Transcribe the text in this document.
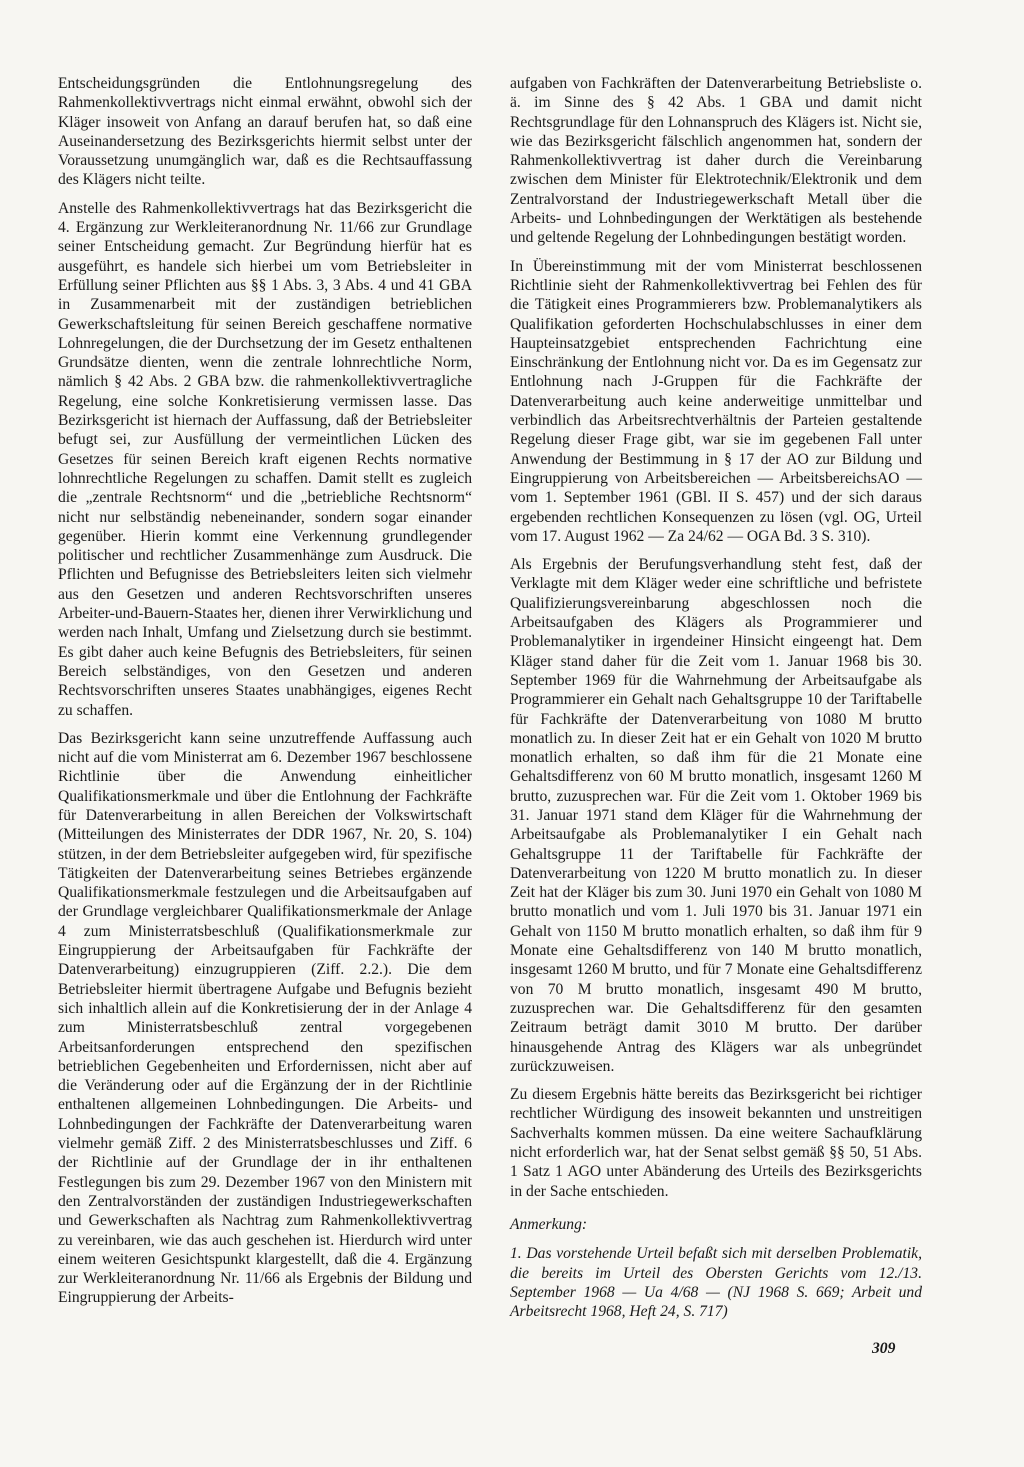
Entscheidungsgründen die Entlohnungsregelung des Rahmenkollektivvertrags nicht einmal erwähnt, obwohl sich der Kläger insoweit von Anfang an darauf berufen hat, so daß eine Auseinandersetzung des Bezirksgerichts hiermit selbst unter der Voraussetzung unumgänglich war, daß es die Rechtsauffassung des Klägers nicht teilte.

Anstelle des Rahmenkollektivvertrags hat das Bezirksgericht die 4. Ergänzung zur Werkleiteranordnung Nr. 11/66 zur Grundlage seiner Entscheidung gemacht. Zur Begründung hierfür hat es ausgeführt, es handele sich hierbei um vom Betriebsleiter in Erfüllung seiner Pflichten aus §§ 1 Abs. 3, 3 Abs. 4 und 41 GBA in Zusammenarbeit mit der zuständigen betrieblichen Gewerkschaftsleitung für seinen Bereich geschaffene normative Lohnregelungen, die der Durchsetzung der im Gesetz enthaltenen Grundsätze dienten, wenn die zentrale lohnrechtliche Norm, nämlich § 42 Abs. 2 GBA bzw. die rahmenkollektivvertragliche Regelung, eine solche Konkretisierung vermissen lasse. Das Bezirksgericht ist hiernach der Auffassung, daß der Betriebsleiter befugt sei, zur Ausfüllung der vermeintlichen Lücken des Gesetzes für seinen Bereich kraft eigenen Rechts normative lohnrechtliche Regelungen zu schaffen. Damit stellt es zugleich die „zentrale Rechtsnorm“ und die „betriebliche Rechtsnorm“ nicht nur selbständig nebeneinander, sondern sogar einander gegenüber. Hierin kommt eine Verkennung grundlegender politischer und rechtlicher Zusammenhänge zum Ausdruck. Die Pflichten und Befugnisse des Betriebsleiters leiten sich vielmehr aus den Gesetzen und anderen Rechtsvorschriften unseres Arbeiter-und-Bauern-Staates her, dienen ihrer Verwirklichung und werden nach Inhalt, Umfang und Zielsetzung durch sie bestimmt. Es gibt daher auch keine Befugnis des Betriebsleiters, für seinen Bereich selbständiges, von den Gesetzen und anderen Rechtsvorschriften unseres Staates unabhängiges, eigenes Recht zu schaffen.

Das Bezirksgericht kann seine unzutreffende Auffassung auch nicht auf die vom Ministerrat am 6. Dezember 1967 beschlossene Richtlinie über die Anwendung einheitlicher Qualifikationsmerkmale und über die Entlohnung der Fachkräfte für Datenverarbeitung in allen Bereichen der Volkswirtschaft (Mitteilungen des Ministerrates der DDR 1967, Nr. 20, S. 104) stützen, in der dem Betriebsleiter aufgegeben wird, für spezifische Tätigkeiten der Datenverarbeitung seines Betriebes ergänzende Qualifikationsmerkmale festzulegen und die Arbeitsaufgaben auf der Grundlage vergleichbarer Qualifikationsmerkmale der Anlage 4 zum Ministerratsbeschluß (Qualifikationsmerkmale zur Eingruppierung der Arbeitsaufgaben für Fachkräfte der Datenverarbeitung) einzugruppieren (Ziff. 2.2.). Die dem Betriebsleiter hiermit übertragene Aufgabe und Befugnis bezieht sich inhaltlich allein auf die Konkretisierung der in der Anlage 4 zum Ministerratsbeschluß zentral vorgegebenen Arbeitsanforderungen entsprechend den spezifischen betrieblichen Gegebenheiten und Erfordernissen, nicht aber auf die Veränderung oder auf die Ergänzung der in der Richtlinie enthaltenen allgemeinen Lohnbedingungen. Die Arbeits- und Lohnbedingungen der Fachkräfte der Datenverarbeitung waren vielmehr gemäß Ziff. 2 des Ministerratsbeschlusses und Ziff. 6 der Richtlinie auf der Grundlage der in ihr enthaltenen Festlegungen bis zum 29. Dezember 1967 von den Ministern mit den Zentralvorständen der zuständigen Industriegewerkschaften und Gewerkschaften als Nachtrag zum Rahmenkollektivvertrag zu vereinbaren, wie das auch geschehen ist. Hierdurch wird unter einem weiteren Gesichtspunkt klargestellt, daß die 4. Ergänzung zur Werkleiteranordnung Nr. 11/66 als Ergebnis der Bildung und Eingruppierung der Arbeits-

aufgaben von Fachkräften der Datenverarbeitung Betriebsliste o. ä. im Sinne des § 42 Abs. 1 GBA und damit nicht Rechtsgrundlage für den Lohnanspruch des Klägers ist. Nicht sie, wie das Bezirksgericht fälschlich angenommen hat, sondern der Rahmenkollektivvertrag ist daher durch die Vereinbarung zwischen dem Minister für Elektrotechnik/Elektronik und dem Zentralvorstand der Industriegewerkschaft Metall über die Arbeits- und Lohnbedingungen der Werktätigen als bestehende und geltende Regelung der Lohnbedingungen bestätigt worden.

In Übereinstimmung mit der vom Ministerrat beschlossenen Richtlinie sieht der Rahmenkollektivvertrag bei Fehlen des für die Tätigkeit eines Programmierers bzw. Problemanalytikers als Qualifikation geforderten Hochschulabschlusses in einer dem Haupteinsatzgebiet entsprechenden Fachrichtung eine Einschränkung der Entlohnung nicht vor. Da es im Gegensatz zur Entlohnung nach J-Gruppen für die Fachkräfte der Datenverarbeitung auch keine anderweitige unmittelbar und verbindlich das Arbeitsrechtverhältnis der Parteien gestaltende Regelung dieser Frage gibt, war sie im gegebenen Fall unter Anwendung der Bestimmung in § 17 der AO zur Bildung und Eingruppierung von Arbeitsbereichen — ArbeitsbereichsAO — vom 1. September 1961 (GBl. II S. 457) und der sich daraus ergebenden rechtlichen Konsequenzen zu lösen (vgl. OG, Urteil vom 17. August 1962 — Za 24/62 — OGA Bd. 3 S. 310).

Als Ergebnis der Berufungsverhandlung steht fest, daß der Verklagte mit dem Kläger weder eine schriftliche und befristete Qualifizierungsvereinbarung abgeschlossen noch die Arbeitsaufgaben des Klägers als Programmierer und Problemanalytiker in irgendeiner Hinsicht eingeengt hat. Dem Kläger stand daher für die Zeit vom 1. Januar 1968 bis 30. September 1969 für die Wahrnehmung der Arbeitsaufgabe als Programmierer ein Gehalt nach Gehaltsgruppe 10 der Tariftabelle für Fachkräfte der Datenverarbeitung von 1080 M brutto monatlich zu. In dieser Zeit hat er ein Gehalt von 1020 M brutto monatlich erhalten, so daß ihm für die 21 Monate eine Gehaltsdifferenz von 60 M brutto monatlich, insgesamt 1260 M brutto, zuzusprechen war. Für die Zeit vom 1. Oktober 1969 bis 31. Januar 1971 stand dem Kläger für die Wahrnehmung der Arbeitsaufgabe als Problemanalytiker I ein Gehalt nach Gehaltsgruppe 11 der Tariftabelle für Fachkräfte der Datenverarbeitung von 1220 M brutto monatlich zu. In dieser Zeit hat der Kläger bis zum 30. Juni 1970 ein Gehalt von 1080 M brutto monatlich und vom 1. Juli 1970 bis 31. Januar 1971 ein Gehalt von 1150 M brutto monatlich erhalten, so daß ihm für 9 Monate eine Gehaltsdifferenz von 140 M brutto monatlich, insgesamt 1260 M brutto, und für 7 Monate eine Gehaltsdifferenz von 70 M brutto monatlich, insgesamt 490 M brutto, zuzusprechen war. Die Gehaltsdifferenz für den gesamten Zeitraum beträgt damit 3010 M brutto. Der darüber hinausgehende Antrag des Klägers war als unbegründet zurückzuweisen.

Zu diesem Ergebnis hätte bereits das Bezirksgericht bei richtiger rechtlicher Würdigung des insoweit bekannten und unstreitigen Sachverhalts kommen müssen. Da eine weitere Sachaufklärung nicht erforderlich war, hat der Senat selbst gemäß §§ 50, 51 Abs. 1 Satz 1 AGO unter Abänderung des Urteils des Bezirksgerichts in der Sache entschieden.

Anmerkung:

1. Das vorstehende Urteil befaßt sich mit derselben Problematik, die bereits im Urteil des Obersten Gerichts vom 12./13. September 1968 — Ua 4/68 — (NJ 1968 S. 669; Arbeit und Arbeitsrecht 1968, Heft 24, S. 717)

309
